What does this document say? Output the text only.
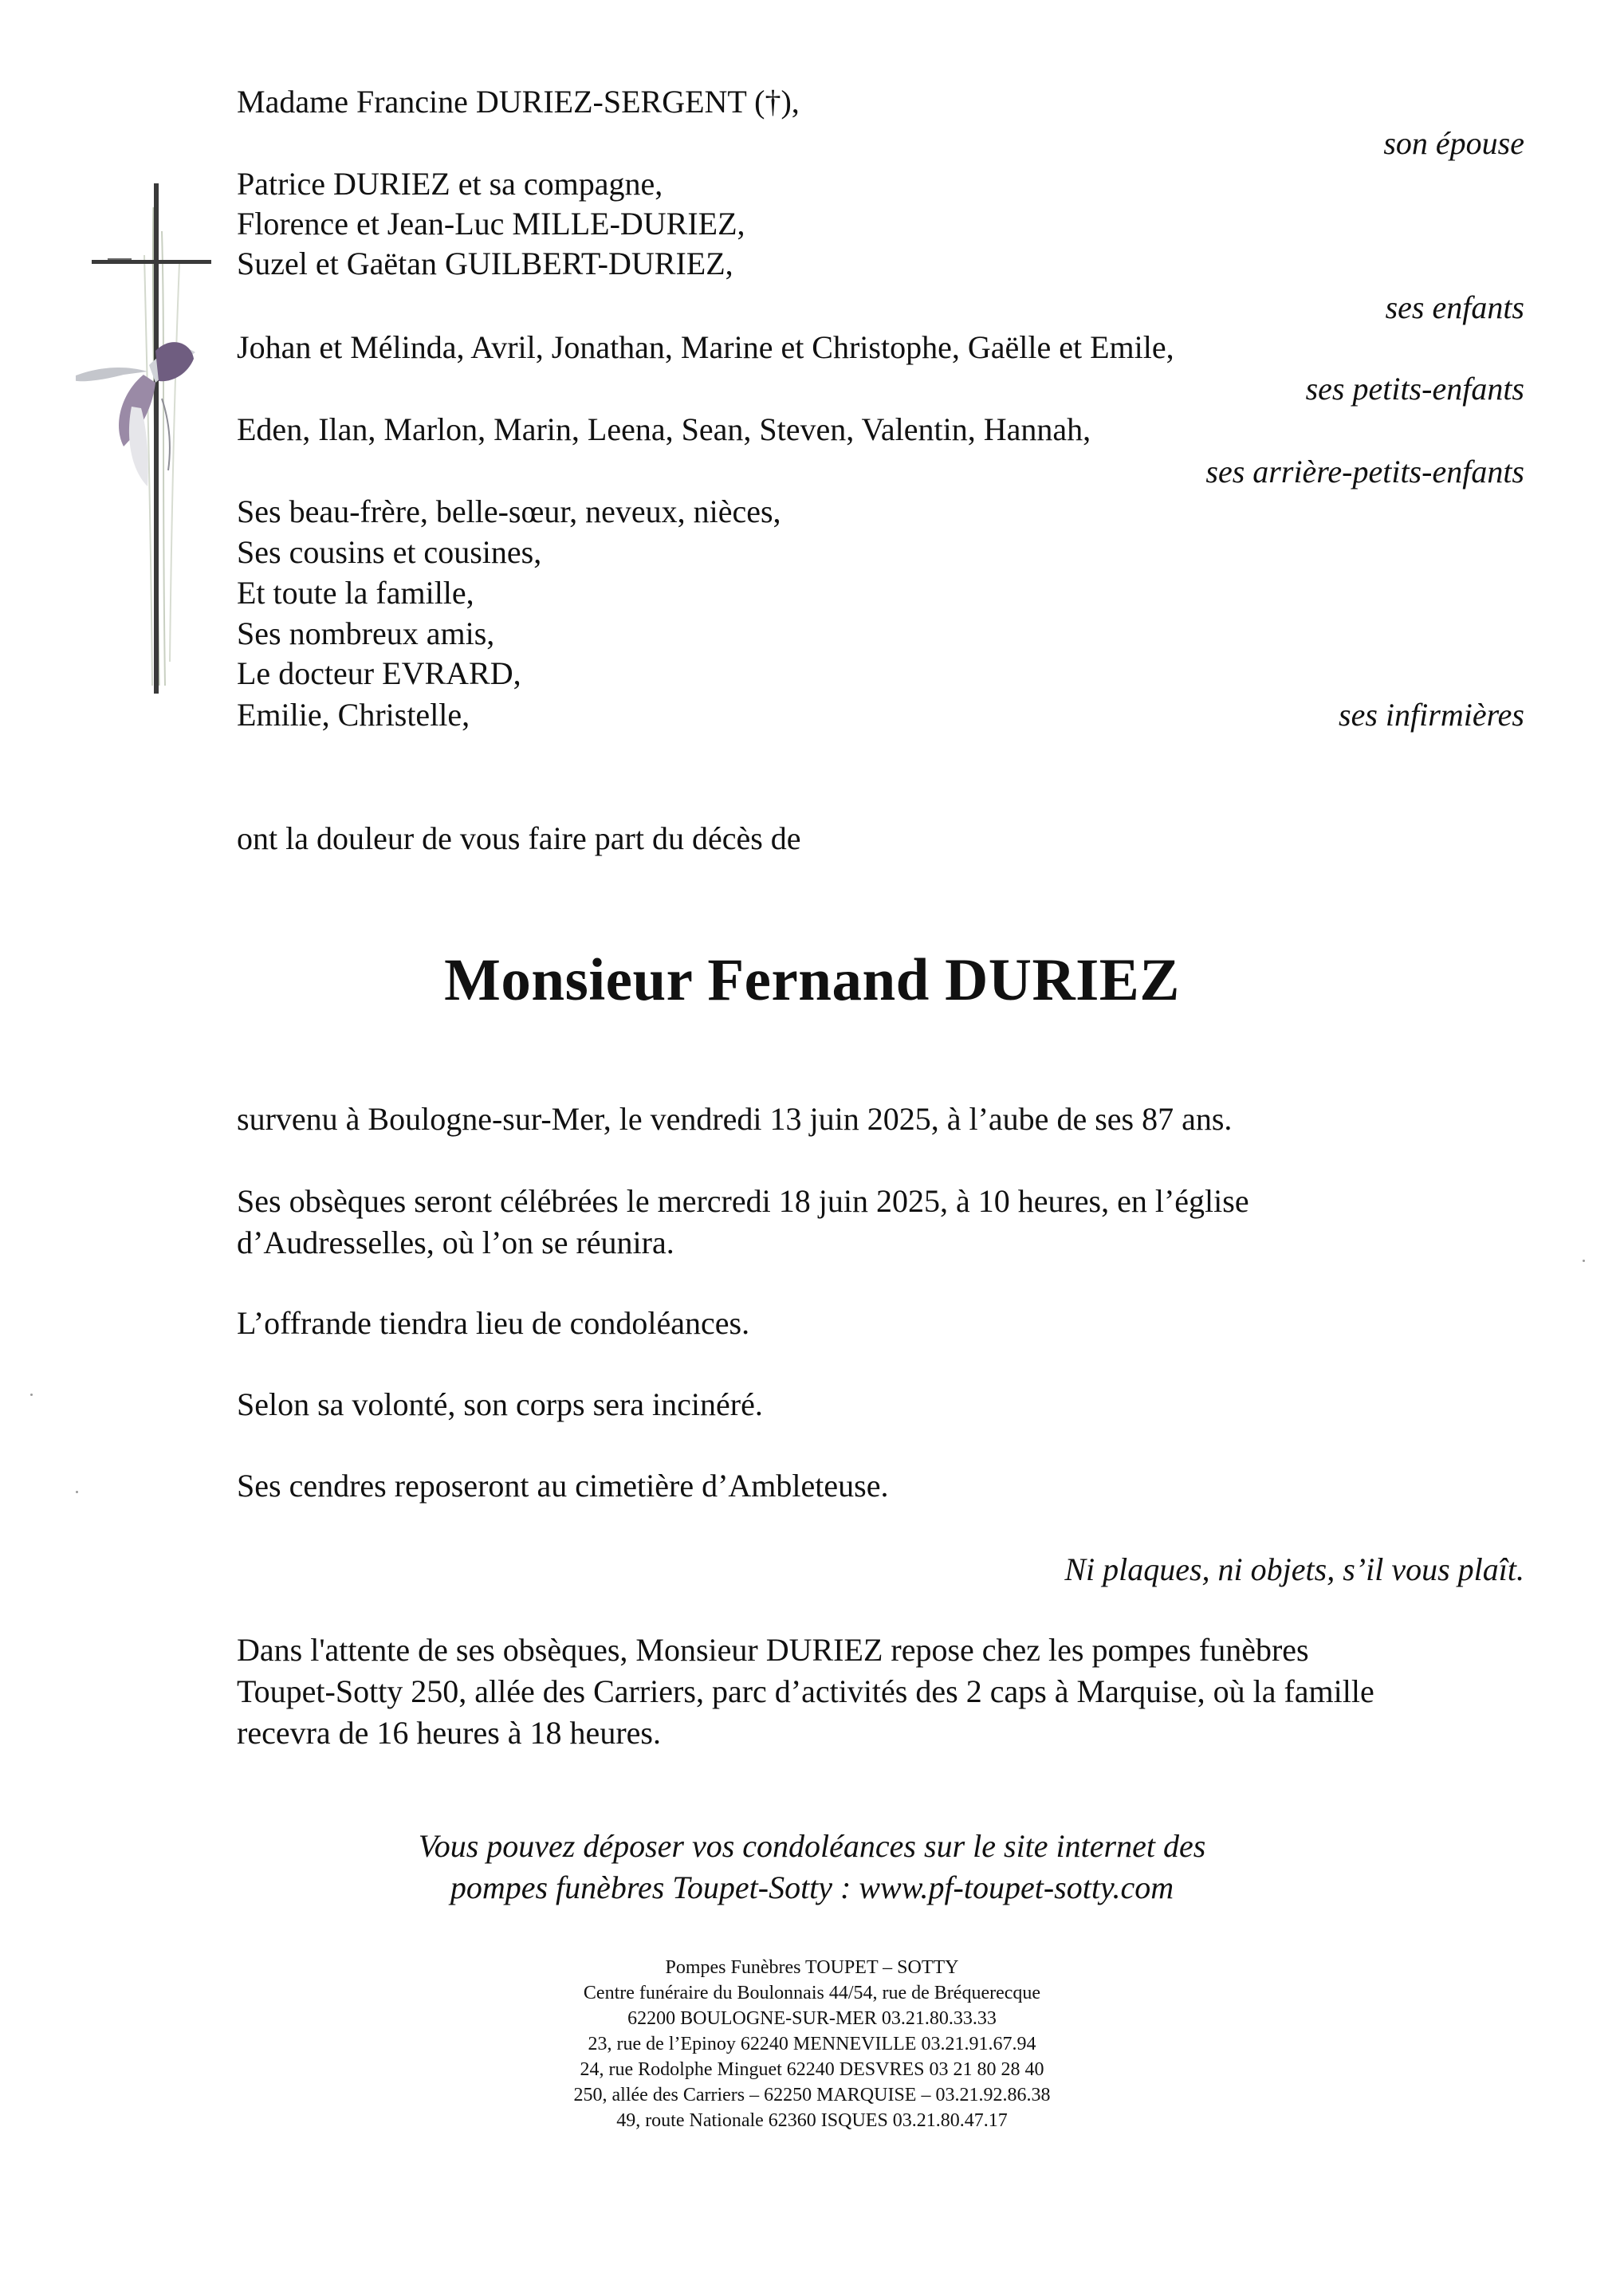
Madame Francine DURIEZ-SERGENT (†),

son épouse

Patrice DURIEZ et sa compagne,

Florence et Jean-Luc MILLE-DURIEZ,

Suzel et Gaëtan GUILBERT-DURIEZ,

ses enfants

Johan et Mélinda, Avril, Jonathan, Marine et Christophe, Gaëlle et Emile,

ses petits-enfants

Eden, Ilan, Marlon, Marin, Leena, Sean, Steven, Valentin, Hannah,

ses arrière-petits-enfants

Ses beau-frère, belle-sœur, neveux, nièces,

Ses cousins et cousines,

Et toute la famille,

Ses nombreux amis,

Le docteur EVRARD,

Emilie, Christelle,	ses infirmières

ont la douleur de vous faire part du décès de

Monsieur Fernand DURIEZ

survenu à Boulogne-sur-Mer, le vendredi 13 juin 2025, à l’aube de ses 87 ans.

Ses obsèques seront célébrées le mercredi 18 juin 2025, à 10 heures, en l’église
d’Audresselles, où l’on se réunira.

L’offrande tiendra lieu de condoléances.

Selon sa volonté, son corps sera incinéré.

Ses cendres reposeront au cimetière d’Ambleteuse.

Ni plaques, ni objets, s’il vous plaît.

Dans l'attente de ses obsèques, Monsieur DURIEZ repose chez les pompes funèbres
Toupet-Sotty 250, allée des Carriers, parc d’activités des 2 caps à Marquise, où la famille
recevra de 16 heures à 18 heures.

Vous pouvez déposer vos condoléances sur le site internet des
pompes funèbres Toupet-Sotty : www.pf-toupet-sotty.com

Pompes Funèbres TOUPET – SOTTY
Centre funéraire du Boulonnais 44/54, rue de Bréquerecque
62200 BOULOGNE-SUR-MER 03.21.80.33.33
23, rue de l’Epinoy 62240 MENNEVILLE 03.21.91.67.94
24, rue Rodolphe Minguet 62240 DESVRES 03 21 80 28 40
250, allée des Carriers – 62250 MARQUISE – 03.21.92.86.38
49, route Nationale 62360 ISQUES 03.21.80.47.17
